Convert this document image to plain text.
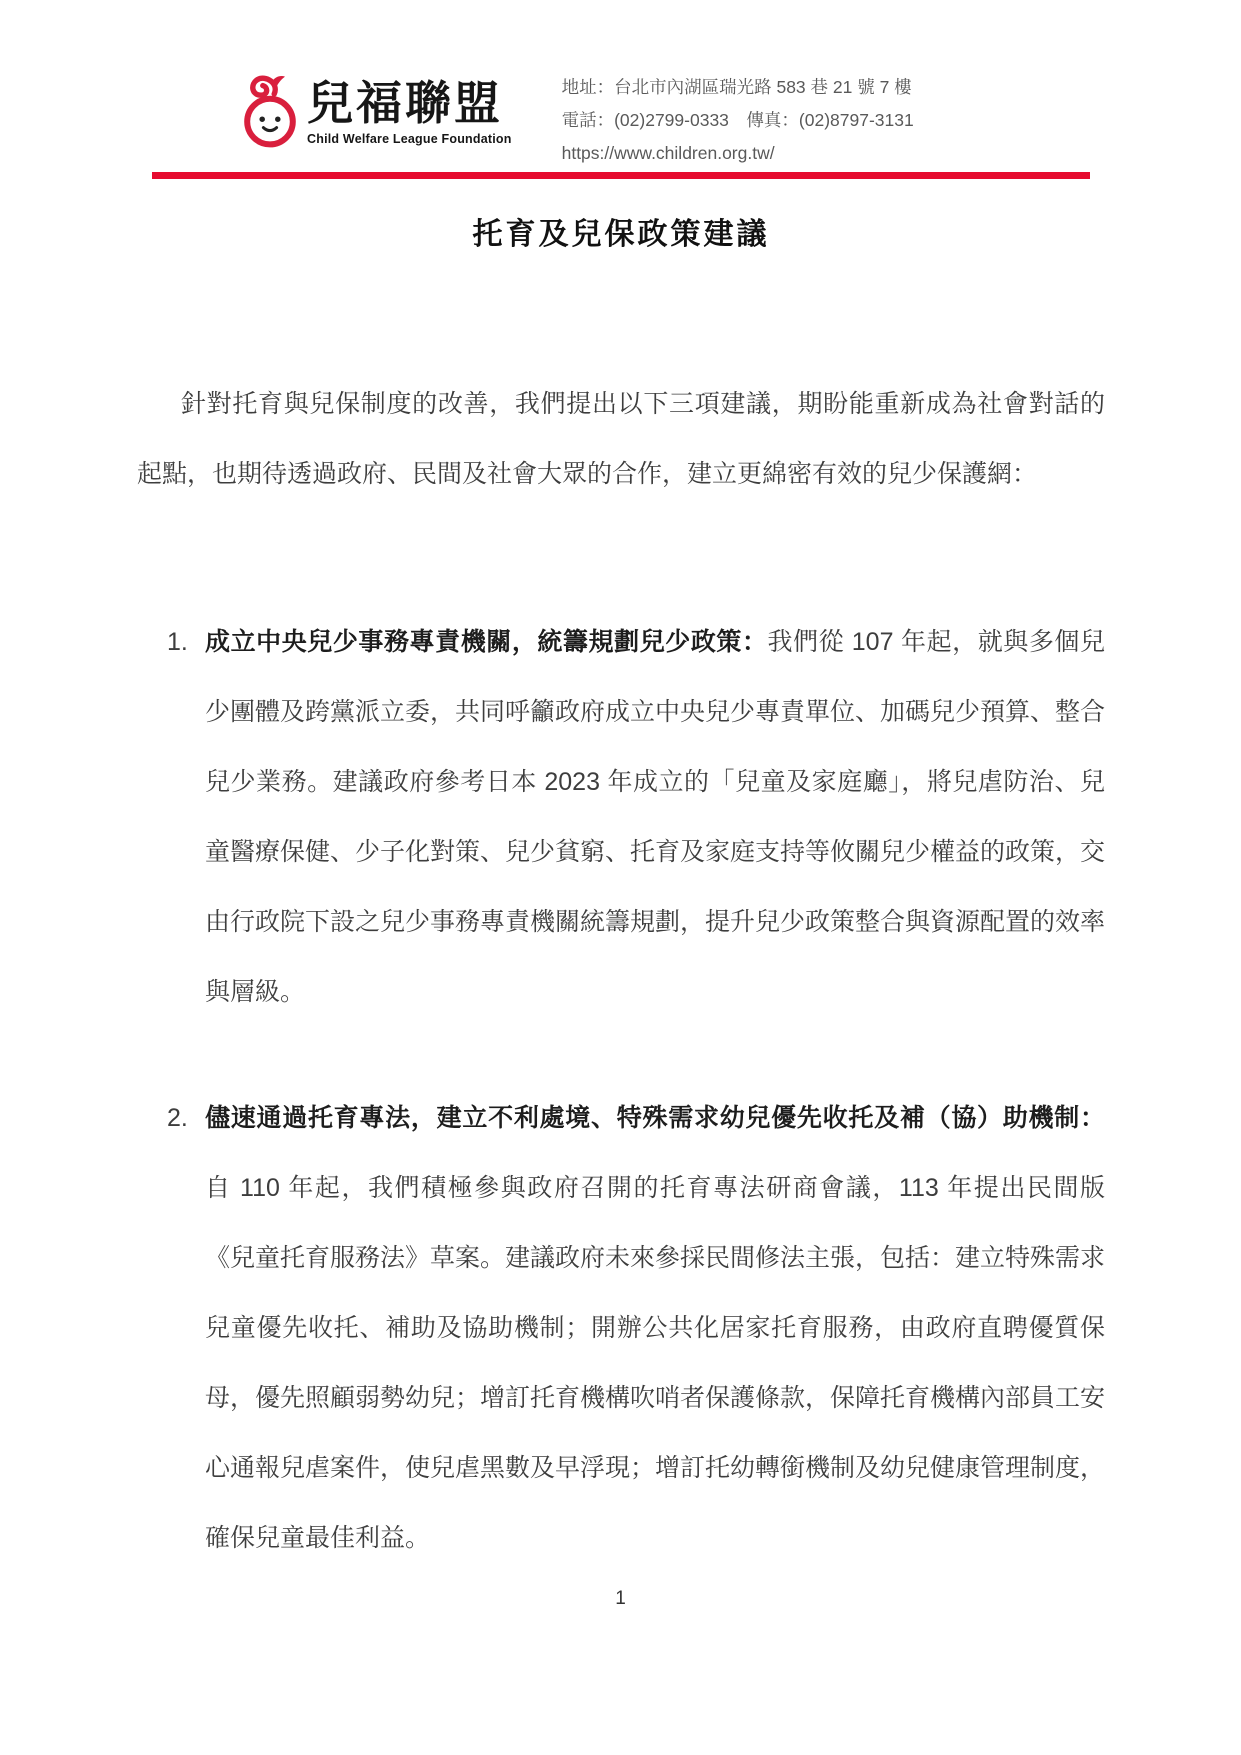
兒福聯盟
Child Welfare League Foundation
地址：台北市內湖區瑞光路 583 巷 21 號 7 樓
電話：(02)2799-0333　傳真：(02)8797-3131
https://www.children.org.tw/
托育及兒保政策建議

針對托育與兒保制度的改善，我們提出以下三項建議，期盼能重新成為社會對話的起點，也期待透過政府、民間及社會大眾的合作，建立更綿密有效的兒少保護網：

1. 成立中央兒少事務專責機關，統籌規劃兒少政策：我們從 107 年起，就與多個兒少團體及跨黨派立委，共同呼籲政府成立中央兒少專責單位、加碼兒少預算、整合兒少業務。建議政府參考日本 2023 年成立的「兒童及家庭廳」，將兒虐防治、兒童醫療保健、少子化對策、兒少貧窮、托育及家庭支持等攸關兒少權益的政策，交由行政院下設之兒少事務專責機關統籌規劃，提升兒少政策整合與資源配置的效率與層級。
2. 儘速通過托育專法，建立不利處境、特殊需求幼兒優先收托及補（協）助機制：自 110 年起，我們積極參與政府召開的托育專法研商會議，113 年提出民間版《兒童托育服務法》草案。建議政府未來參採民間修法主張，包括：建立特殊需求兒童優先收托、補助及協助機制；開辦公共化居家托育服務，由政府直聘優質保母，優先照顧弱勢幼兒；增訂托育機構吹哨者保護條款，保障托育機構內部員工安心通報兒虐案件，使兒虐黑數及早浮現；增訂托幼轉銜機制及幼兒健康管理制度，確保兒童最佳利益。
1
